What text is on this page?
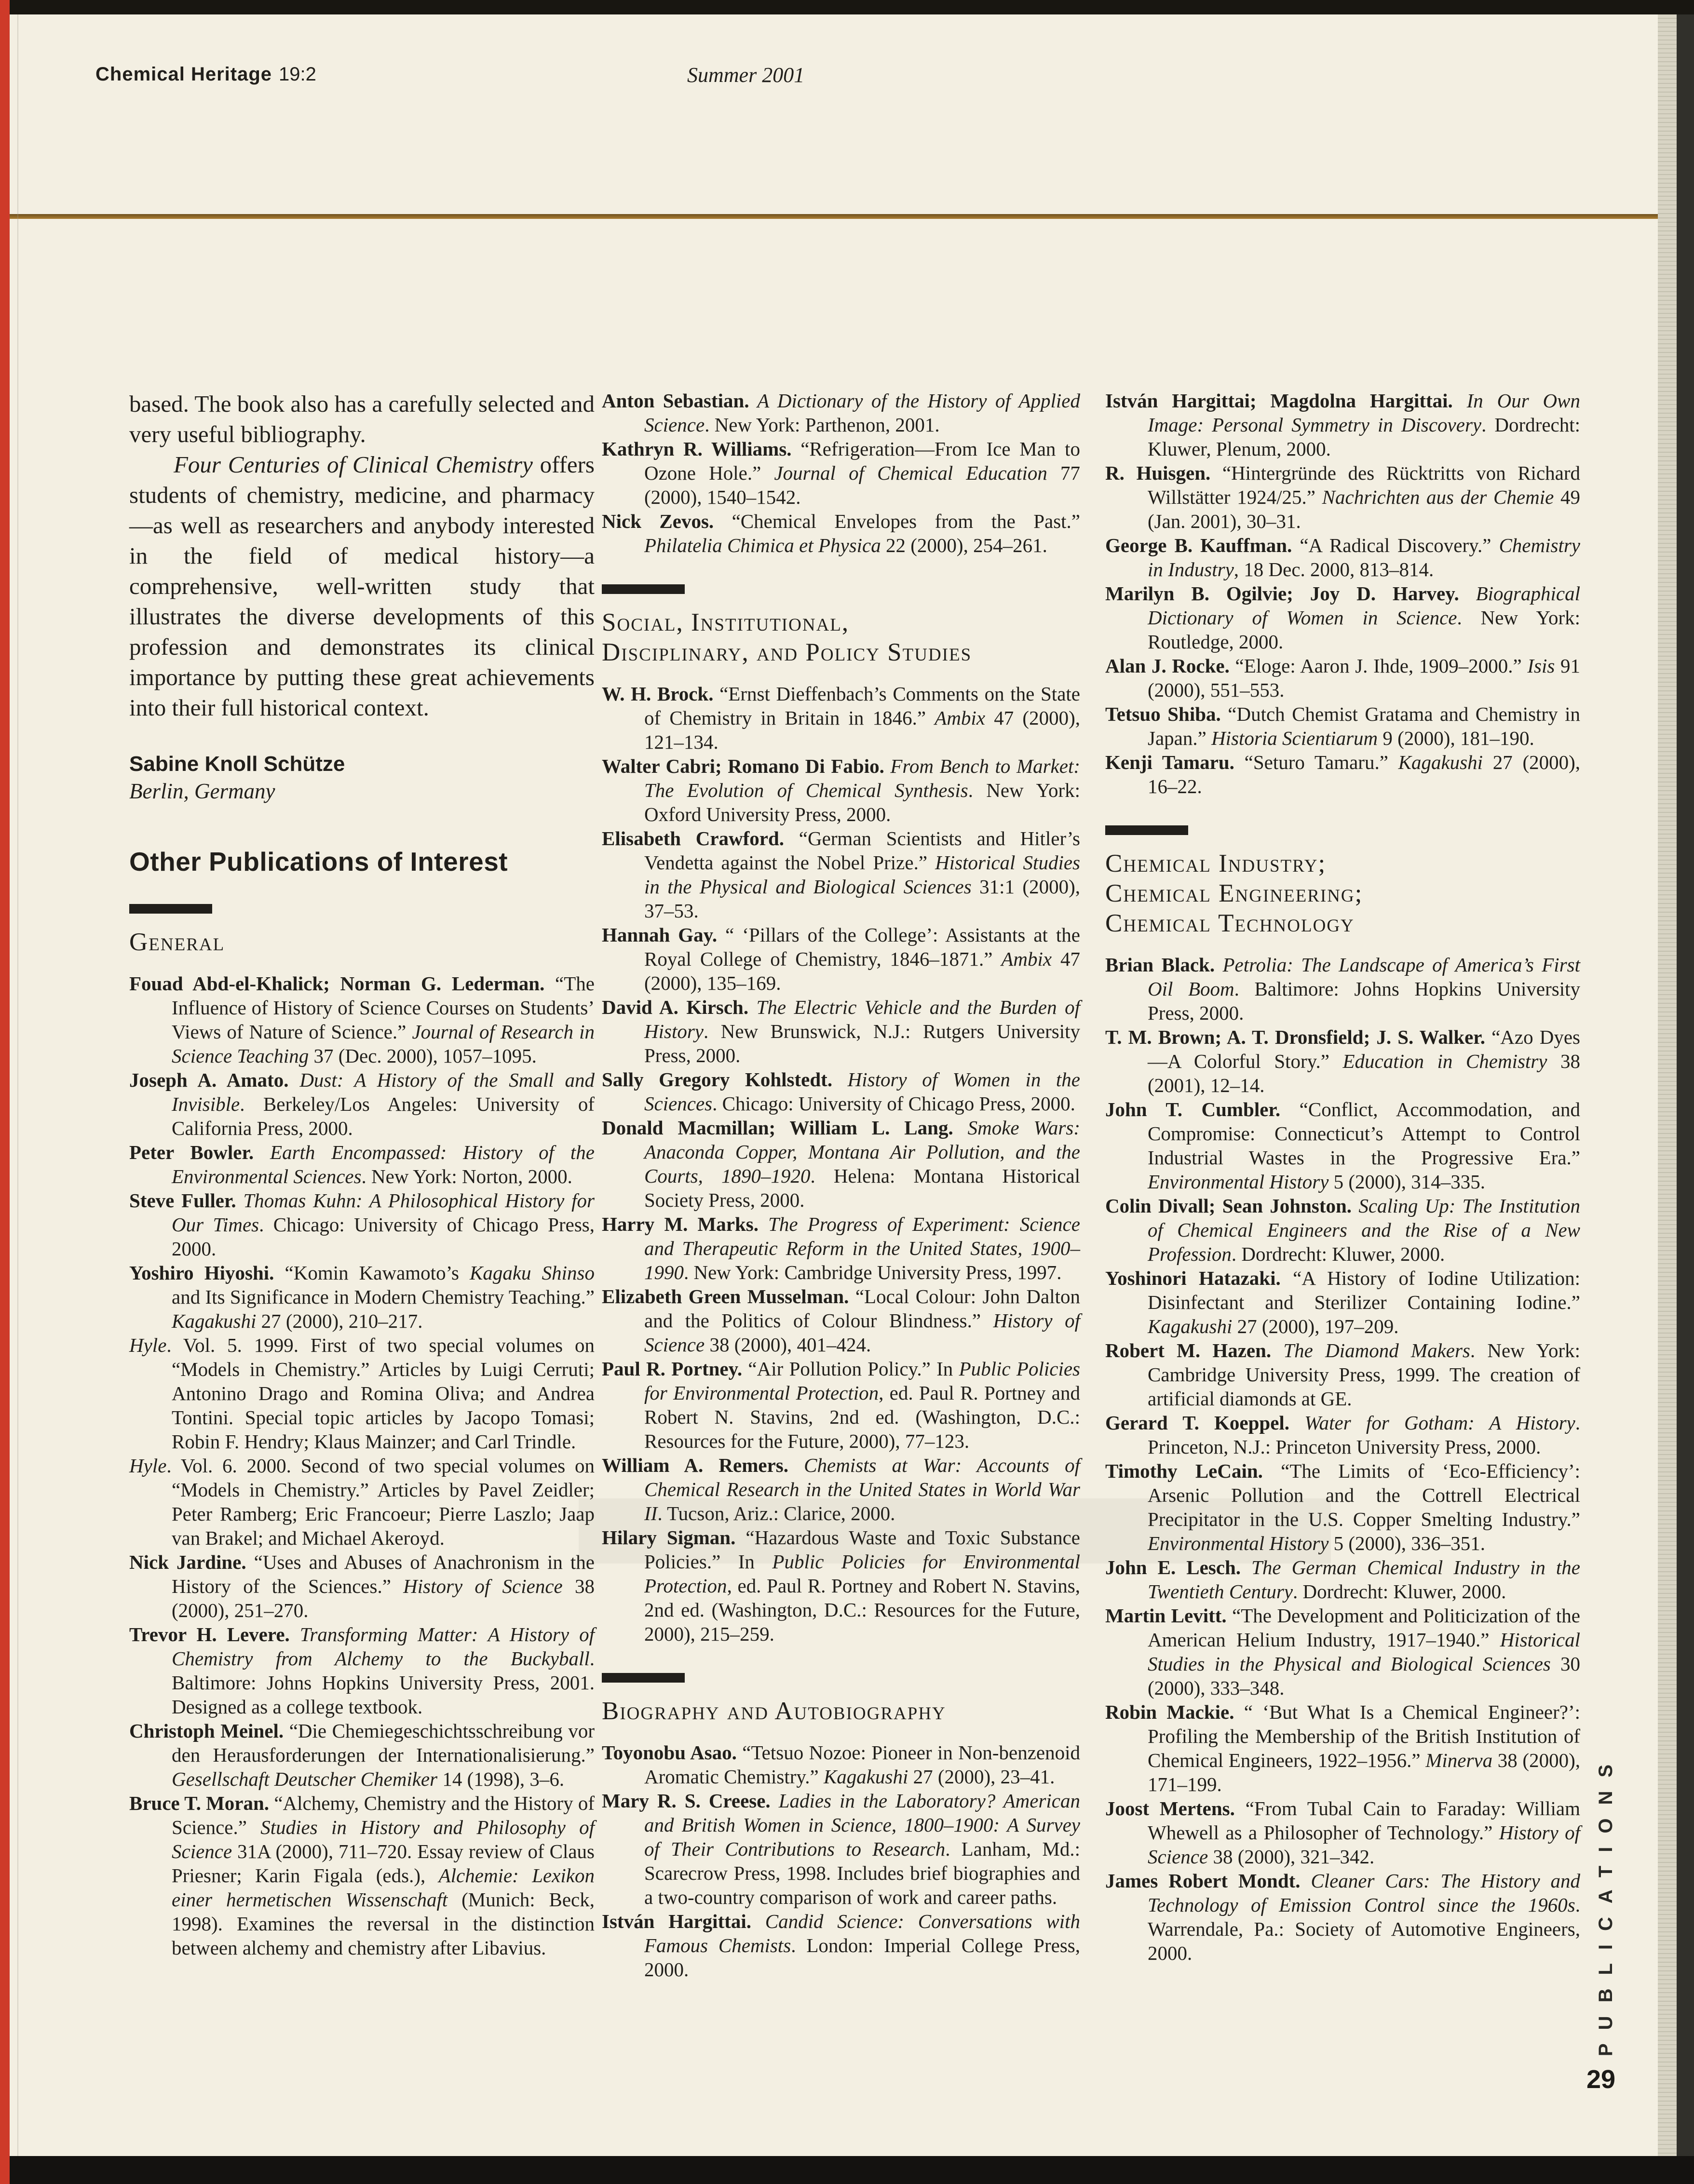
Chemical Heritage 19:2	Summer 2001

based. The book also has a carefully selected and very useful bibliography.

Four Centuries of Clinical Chemistry offers students of chemistry, medicine, and pharmacy—as well as researchers and anybody interested in the field of medical history—a comprehensive, well-written study that illustrates the diverse developments of this profession and demonstrates its clinical importance by putting these great achievements into their full historical context.

Sabine Knoll Schütze
Berlin, Germany
Other Publications of Interest
General

Fouad Abd-el-Khalick; Norman G. Lederman. “The Influence of History of Science Courses on Students’ Views of Nature of Science.” Journal of Research in Science Teaching 37 (Dec. 2000), 1057–1095.

Joseph A. Amato. Dust: A History of the Small and Invisible. Berkeley/Los Angeles: University of California Press, 2000.

Peter Bowler. Earth Encompassed: History of the Environmental Sciences. New York: Norton, 2000.

Steve Fuller. Thomas Kuhn: A Philosophical History for Our Times. Chicago: University of Chicago Press, 2000.

Yoshiro Hiyoshi. “Komin Kawamoto’s Kagaku Shinso and Its Significance in Modern Chemistry Teaching.” Kagakushi 27 (2000), 210–217.

Hyle. Vol. 5. 1999. First of two special volumes on “Models in Chemistry.” Articles by Luigi Cerruti; Antonino Drago and Romina Oliva; and Andrea Tontini. Special topic articles by Jacopo Tomasi; Robin F. Hendry; Klaus Mainzer; and Carl Trindle.

Hyle. Vol. 6. 2000. Second of two special volumes on “Models in Chemistry.” Articles by Pavel Zeidler; Peter Ramberg; Eric Francoeur; Pierre Laszlo; Jaap van Brakel; and Michael Akeroyd.

Nick Jardine. “Uses and Abuses of Anachronism in the History of the Sciences.” History of Science 38 (2000), 251–270.

Trevor H. Levere. Transforming Matter: A History of Chemistry from Alchemy to the Buckyball. Baltimore: Johns Hopkins University Press, 2001. Designed as a college textbook.

Christoph Meinel. “Die Chemiegeschichtsschreibung vor den Herausforderungen der Internationalisierung.” Gesellschaft Deutscher Chemiker 14 (1998), 3–6.

Bruce T. Moran. “Alchemy, Chemistry and the History of Science.” Studies in History and Philosophy of Science 31A (2000), 711–720. Essay review of Claus Priesner; Karin Figala (eds.), Alchemie: Lexikon einer hermetischen Wissenschaft (Munich: Beck, 1998). Examines the reversal in the distinction between alchemy and chemistry after Libavius.

Anton Sebastian. A Dictionary of the History of Applied Science. New York: Parthenon, 2001.

Kathryn R. Williams. “Refrigeration—From Ice Man to Ozone Hole.” Journal of Chemical Education 77 (2000), 1540–1542.

Nick Zevos. “Chemical Envelopes from the Past.” Philatelia Chimica et Physica 22 (2000), 254–261.

Social, Institutional,
Disciplinary, and Policy Studies

W. H. Brock. “Ernst Dieffenbach’s Comments on the State of Chemistry in Britain in 1846.” Ambix 47 (2000), 121–134.

Walter Cabri; Romano Di Fabio. From Bench to Market: The Evolution of Chemical Synthesis. New York: Oxford University Press, 2000.

Elisabeth Crawford. “German Scientists and Hitler’s Vendetta against the Nobel Prize.” Historical Studies in the Physical and Biological Sciences 31:1 (2000), 37–53.

Hannah Gay. “ ‘Pillars of the College’: Assistants at the Royal College of Chemistry, 1846–1871.” Ambix 47 (2000), 135–169.

David A. Kirsch. The Electric Vehicle and the Burden of History. New Brunswick, N.J.: Rutgers University Press, 2000.

Sally Gregory Kohlstedt. History of Women in the Sciences. Chicago: University of Chicago Press, 2000.

Donald Macmillan; William L. Lang. Smoke Wars: Anaconda Copper, Montana Air Pollution, and the Courts, 1890–1920. Helena: Montana Historical Society Press, 2000.

Harry M. Marks. The Progress of Experiment: Science and Therapeutic Reform in the United States, 1900–1990. New York: Cambridge University Press, 1997.

Elizabeth Green Musselman. “Local Colour: John Dalton and the Politics of Colour Blindness.” History of Science 38 (2000), 401–424.

Paul R. Portney. “Air Pollution Policy.” In Public Policies for Environmental Protection, ed. Paul R. Portney and Robert N. Stavins, 2nd ed. (Washington, D.C.: Resources for the Future, 2000), 77–123.

William A. Remers. Chemists at War: Accounts of Chemical Research in the United States in World War II. Tucson, Ariz.: Clarice, 2000.

Hilary Sigman. “Hazardous Waste and Toxic Substance Policies.” In Public Policies for Environmental Protection, ed. Paul R. Portney and Robert N. Stavins, 2nd ed. (Washington, D.C.: Resources for the Future, 2000), 215–259.

Biography and Autobiography

Toyonobu Asao. “Tetsuo Nozoe: Pioneer in Non-benzenoid Aromatic Chemistry.” Kagakushi 27 (2000), 23–41.

Mary R. S. Creese. Ladies in the Laboratory? American and British Women in Science, 1800–1900: A Survey of Their Contributions to Research. Lanham, Md.: Scarecrow Press, 1998. Includes brief biographies and a two-country comparison of work and career paths.

István Hargittai. Candid Science: Conversations with Famous Chemists. London: Imperial College Press, 2000.

István Hargittai; Magdolna Hargittai. In Our Own Image: Personal Symmetry in Discovery. Dordrecht: Kluwer, Plenum, 2000.

R. Huisgen. “Hintergründe des Rücktritts von Richard Willstätter 1924/25.” Nachrichten aus der Chemie 49 (Jan. 2001), 30–31.

George B. Kauffman. “A Radical Discovery.” Chemistry in Industry, 18 Dec. 2000, 813–814.

Marilyn B. Ogilvie; Joy D. Harvey. Biographical Dictionary of Women in Science. New York: Routledge, 2000.

Alan J. Rocke. “Eloge: Aaron J. Ihde, 1909–2000.” Isis 91 (2000), 551–553.

Tetsuo Shiba. “Dutch Chemist Gratama and Chemistry in Japan.” Historia Scientiarum 9 (2000), 181–190.

Kenji Tamaru. “Seturo Tamaru.” Kagakushi 27 (2000), 16–22.

Chemical Industry;
Chemical Engineering;
Chemical Technology

Brian Black. Petrolia: The Landscape of America’s First Oil Boom. Baltimore: Johns Hopkins University Press, 2000.

T. M. Brown; A. T. Dronsfield; J. S. Walker. “Azo Dyes—A Colorful Story.” Education in Chemistry 38 (2001), 12–14.

John T. Cumbler. “Conflict, Accommodation, and Compromise: Connecticut’s Attempt to Control Industrial Wastes in the Progressive Era.” Environmental History 5 (2000), 314–335.

Colin Divall; Sean Johnston. Scaling Up: The Institution of Chemical Engineers and the Rise of a New Profession. Dordrecht: Kluwer, 2000.

Yoshinori Hatazaki. “A History of Iodine Utilization: Disinfectant and Sterilizer Containing Iodine.” Kagakushi 27 (2000), 197–209.

Robert M. Hazen. The Diamond Makers. New York: Cambridge University Press, 1999. The creation of artificial diamonds at GE.

Gerard T. Koeppel. Water for Gotham: A History. Princeton, N.J.: Princeton University Press, 2000.

Timothy LeCain. “The Limits of ‘Eco-Efficiency’: Arsenic Pollution and the Cottrell Electrical Precipitator in the U.S. Copper Smelting Industry.” Environmental History 5 (2000), 336–351.

John E. Lesch. The German Chemical Industry in the Twentieth Century. Dordrecht: Kluwer, 2000.

Martin Levitt. “The Development and Politicization of the American Helium Industry, 1917–1940.” Historical Studies in the Physical and Biological Sciences 30 (2000), 333–348.

Robin Mackie. “ ‘But What Is a Chemical Engineer?’: Profiling the Membership of the British Institution of Chemical Engineers, 1922–1956.” Minerva 38 (2000), 171–199.

Joost Mertens. “From Tubal Cain to Faraday: William Whewell as a Philosopher of Technology.” History of Science 38 (2000), 321–342.

James Robert Mondt. Cleaner Cars: The History and Technology of Emission Control since the 1960s. Warrendale, Pa.: Society of Automotive Engineers, 2000.	PUBLICATIONS
29
